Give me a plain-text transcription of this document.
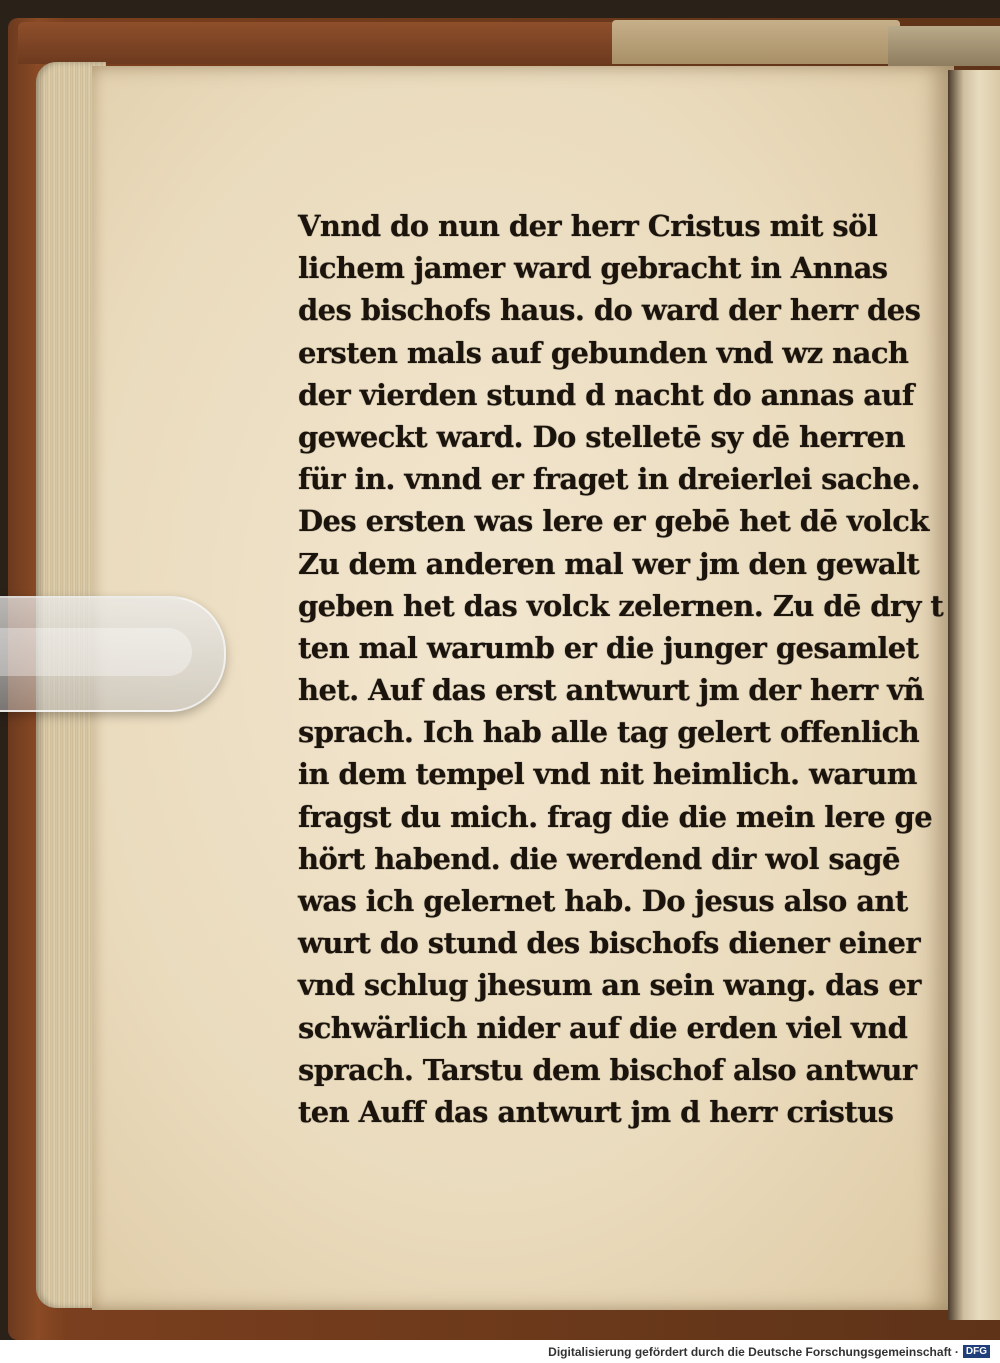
Vnnd do nun der herr Cristus mit söl
lichem jamer ward gebracht in Annas
des bischofs haus. do ward der herr des
ersten mals auf gebunden vnd wz nach
der vierden stund d nacht do annas auf
geweckt ward. Do stelletē sy dē herren
für in. vnnd er fraget in dreierlei sache.
Des ersten was lere er gebē het dē volck
Zu dem anderen mal wer jm den gewalt
geben het das volck zelernen. Zu dē dry t
ten mal warumb er die junger gesamlet
het. Auf das erst antwurt jm der herr vñ
sprach. Ich hab alle tag gelert offenlich
in dem tempel vnd nit heimlich. warum
fragst du mich. frag die die mein lere ge
hört habend. die werdend dir wol sagē
was ich gelernet hab. Do jesus also ant
wurt do stund des bischofs diener einer
vnd schlug jhesum an sein wang. das er
schwärlich nider auf die erden viel vnd
sprach. Tarstu dem bischof also antwur
ten Auff das antwurt jm d herr cristus
Digitalisierung gefördert durch die Deutsche Forschungsgemeinschaft · DFG
